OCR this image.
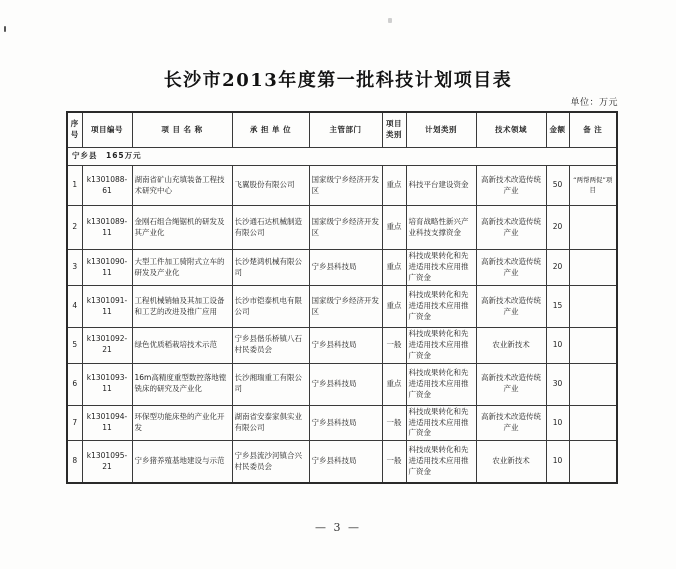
长沙市2013年度第一批科技计划项目表
单位：万元
序号	项目编号	项 目 名 称	承 担 单 位	主管部门	项目类别	计划类别	技术领域	金额	备 注
宁乡县　165万元									
1	k1301088-61	湖南省矿山充填装备工程技术研究中心	飞翼股份有限公司	国家级宁乡经济开发区	重点	科技平台建设资金	高新技术改造传统产业	50	“两帮两促”项目
2	k1301089-11	金刚石组合绳锯机的研发及其产业化	长沙通石达机械制造有限公司	国家级宁乡经济开发区	重点	培育战略性新兴产业科技支撑资金	高新技术改造传统产业	20	
3	k1301090-11	大型工件加工骑附式立车的研发及产业化	长沙楚鸿机械有限公司	宁乡县科技局	重点	科技成果转化和先进适用技术应用推广资金	高新技术改造传统产业	20	
4	k1301091-11	工程机械销轴及其加工设备和工艺的改进及推广应用	长沙市铠泰机电有限公司	国家级宁乡经济开发区	重点	科技成果转化和先进适用技术应用推广资金	高新技术改造传统产业	15	
5	k1301092-21	绿色优质稻栽培技术示范	宁乡县偕乐桥镇八石村民委员会	宁乡县科技局	一般	科技成果转化和先进适用技术应用推广资金	农业新技术	10	
6	k1301093-11	16m高精度重型数控落地镗铣床的研究及产业化	长沙湘瑞重工有限公司	宁乡县科技局	重点	科技成果转化和先进适用技术应用推广资金	高新技术改造传统产业	30	
7	k1301094-11	环保型功能床垫的产业化开发	湖南省安泰家俱实业有限公司	宁乡县科技局	一般	科技成果转化和先进适用技术应用推广资金	高新技术改造传统产业	10	
8	k1301095-21	宁乡猪养殖基地建设与示范	宁乡县流沙河镇合兴村民委员会	宁乡县科技局	一般	科技成果转化和先进适用技术应用推广资金	农业新技术	10	
— 3 —
